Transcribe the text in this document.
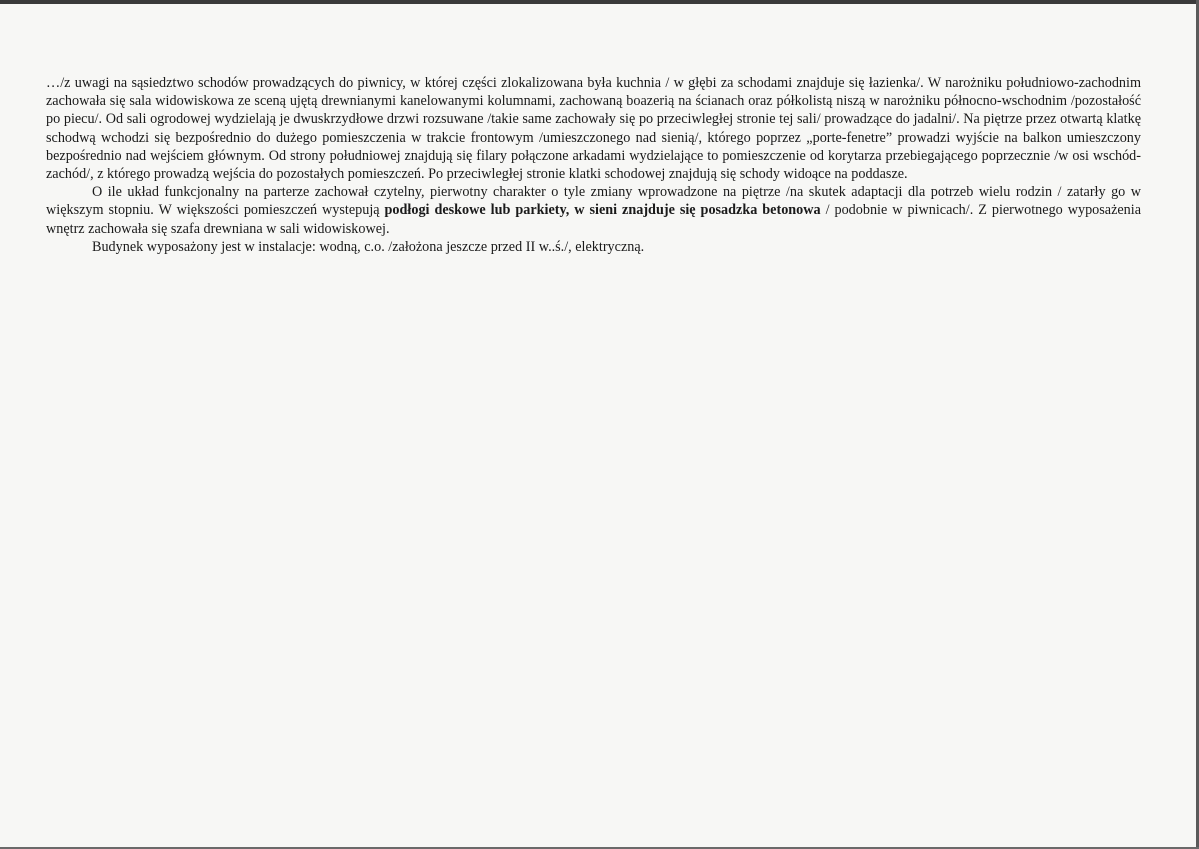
…/z uwagi na sąsiedztwo schodów prowadzących do piwnicy, w której części zlokalizowana była kuchnia / w głębi za schodami znajduje się łazienka/. W narożniku południowo-zachodnim zachowała się sala widowiskowa ze sceną ujętą drewnianymi kanelowanymi kolumnami, zachowaną boazerią na ścianach oraz półkolistą niszą w narożniku północno-wschodnim /pozostałość po piecu/. Od sali ogrodowej wydzielają je dwuskrzydłowe drzwi rozsuwane /takie same zachowały się po przeciwległej stronie tej sali/ prowadzące do jadalni/. Na piętrze przez otwartą klatkę schodwą wchodzi się bezpośrednio do dużego pomieszczenia w trakcie frontowym /umieszczonego nad sienią/, którego poprzez „porte-fenetre” prowadzi wyjście na balkon umieszczony bezpośrednio nad wejściem głównym. Od strony południowej znajdują się filary połączone arkadami wydzielające to pomieszczenie od korytarza przebiegającego poprzecznie /w osi wschód-zachód/, z którego prowadzą wejścia do pozostałych pomieszczeń. Po przeciwległej stronie klatki schodowej znajdują się schody widoące na poddasze.

O ile układ funkcjonalny na parterze zachował czytelny, pierwotny charakter o tyle zmiany wprowadzone na piętrze /na skutek adaptacji dla potrzeb wielu rodzin / zatarły go w większym stopniu. W większości pomieszczeń wystepują podłogi deskowe lub parkiety, w sieni znajduje się posadzka betonowa / podobnie w piwnicach/. Z pierwotnego wyposażenia wnętrz zachowała się szafa drewniana w sali widowiskowej.

Budynek wyposażony jest w instalacje: wodną, c.o. /założona jeszcze przed II w..ś./, elektryczną.
